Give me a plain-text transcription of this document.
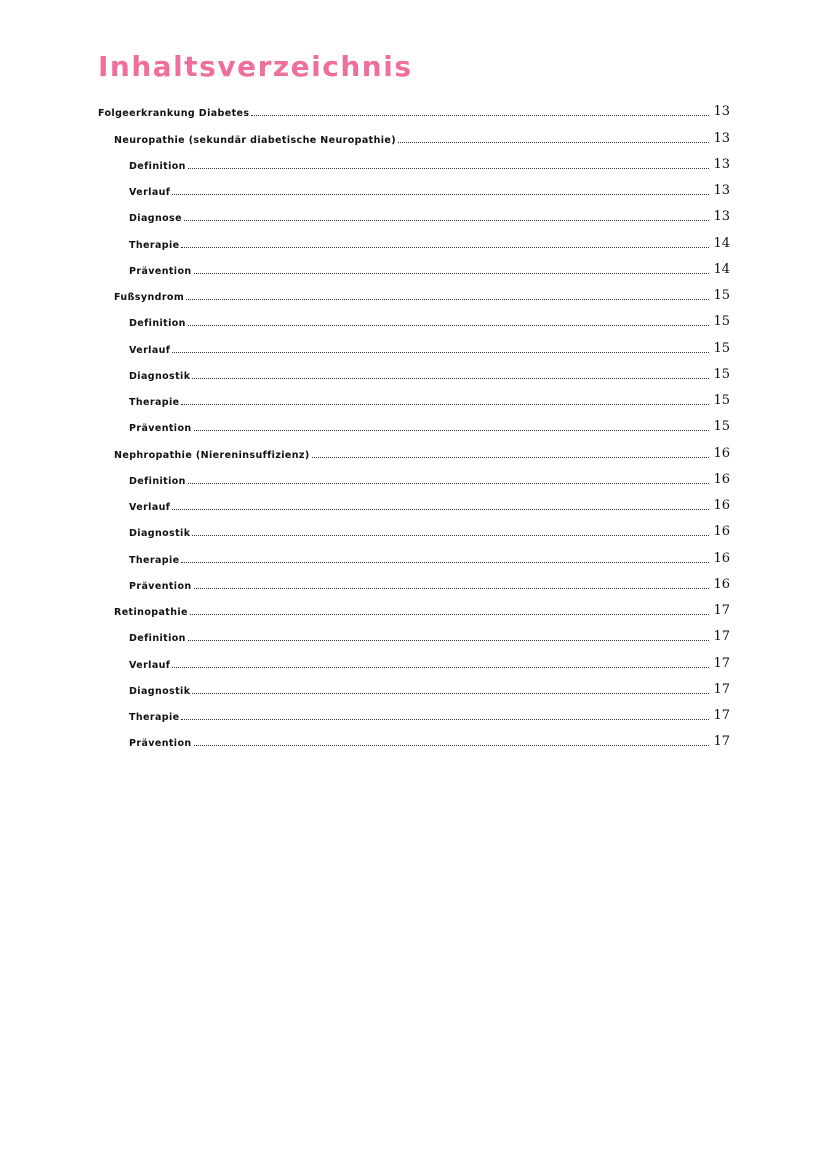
Inhaltsverzeichnis
Folgeerkrankung Diabetes	13
Neuropathie (sekundär diabetische Neuropathie)	13
Definition	13
Verlauf	13
Diagnose	13
Therapie	14
Prävention	14
Fußsyndrom	15
Definition	15
Verlauf	15
Diagnostik	15
Therapie	15
Prävention	15
Nephropathie (Niereninsuffizienz)	16
Definition	16
Verlauf	16
Diagnostik	16
Therapie	16
Prävention	16
Retinopathie	17
Definition	17
Verlauf	17
Diagnostik	17
Therapie	17
Prävention	17
